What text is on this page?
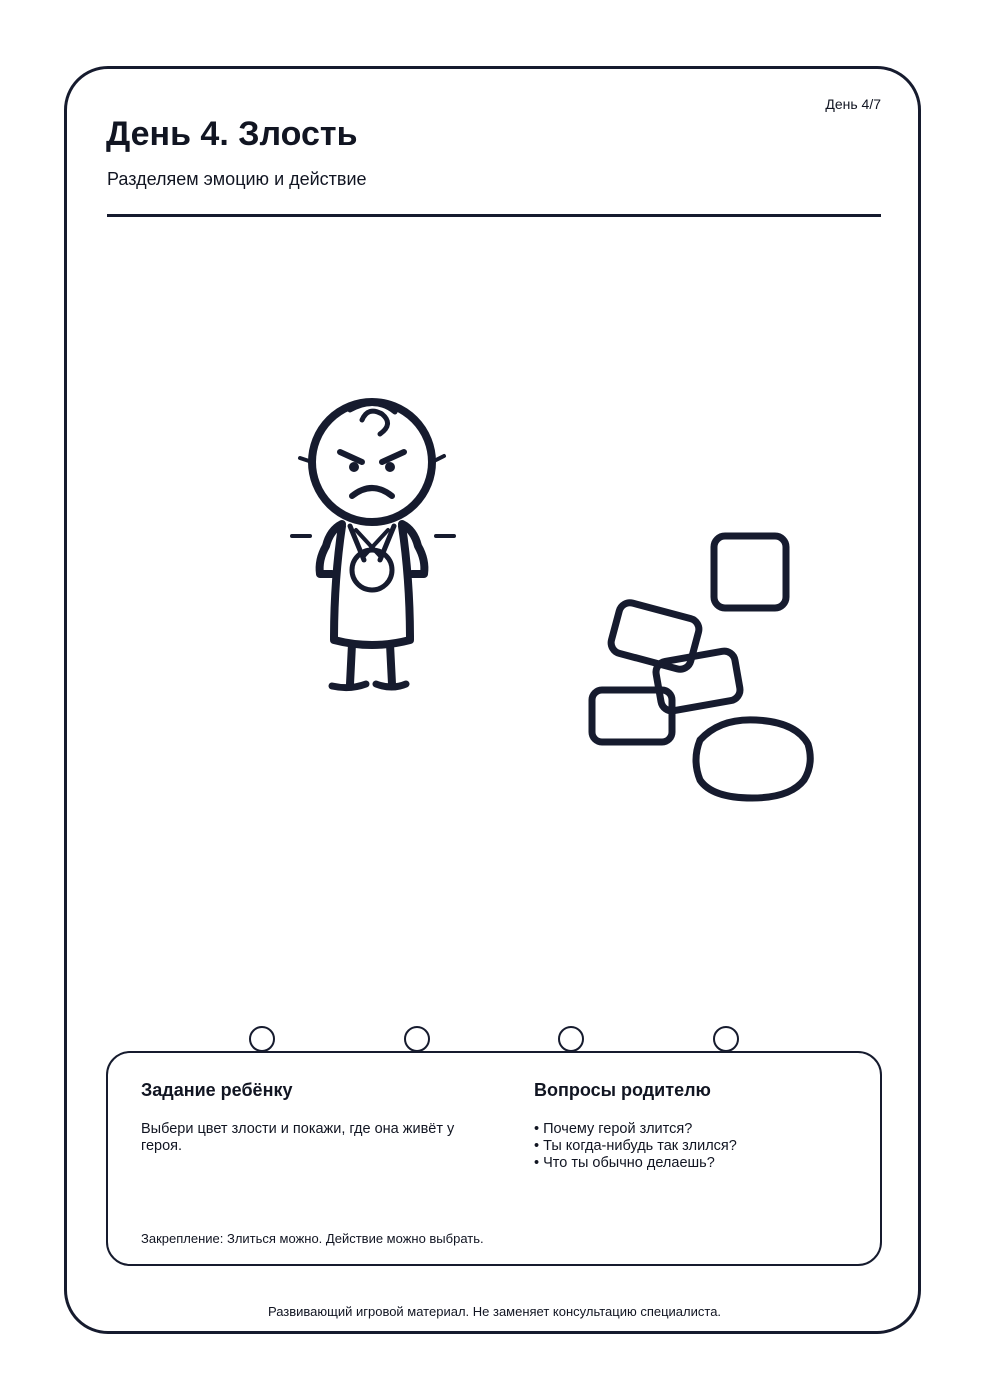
День 4/7
День 4. Злость
Разделяем эмоцию и действие
Задание ребёнку
Выбери цвет злости и покажи, где она живёт у героя.
Вопросы родителю
• Почему герой злится?
• Ты когда-нибудь так злился?
• Что ты обычно делаешь?
Закрепление: Злиться можно. Действие можно выбрать.
Развивающий игровой материал. Не заменяет консультацию специалиста.
